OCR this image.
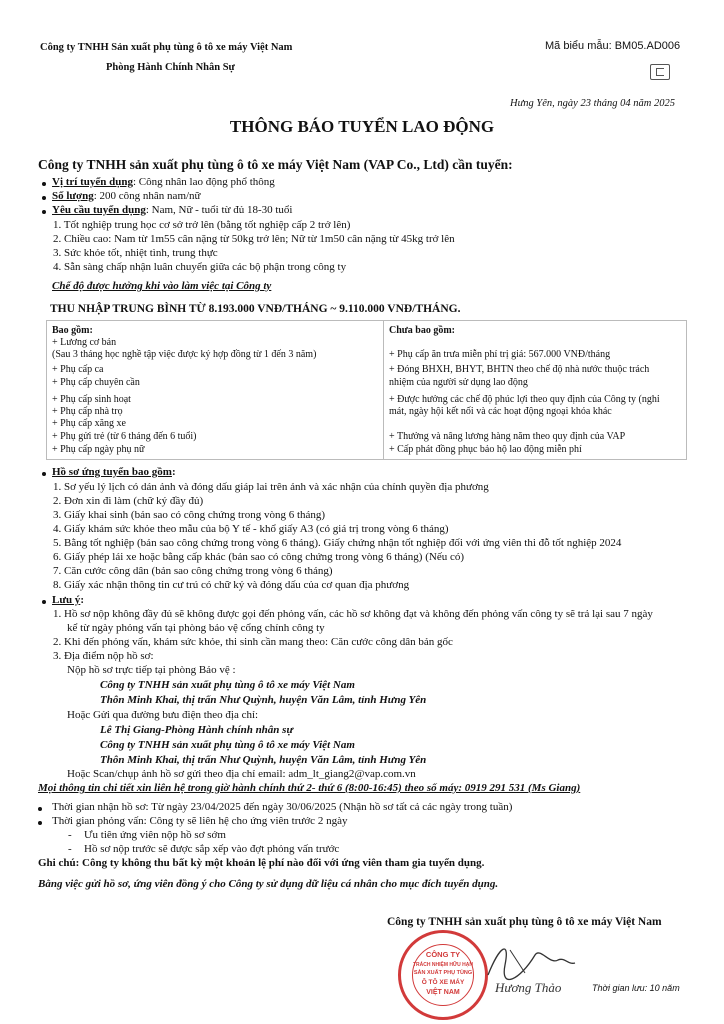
Công ty TNHH Sản xuất phụ tùng ô tô xe máy Việt Nam
Phòng Hành Chính Nhân Sự
Mã biểu mẫu: BM05.AD006
Hưng Yên, ngày 23 tháng 04 năm 2025
THÔNG BÁO TUYỂN LAO ĐỘNG
Công ty TNHH sản xuất phụ tùng ô tô xe máy Việt Nam (VAP Co., Ltd) cần tuyển:
Vị trí tuyển dụng: Công nhân lao động phổ thông
Số lượng: 200 công nhân nam/nữ
Yêu cầu tuyển dụng: Nam, Nữ - tuổi từ đủ 18-30 tuổi
1. Tốt nghiệp trung học cơ sở trở lên (bằng tốt nghiệp cấp 2 trở lên)
2. Chiều cao: Nam từ 1m55 cân nặng từ 50kg trở lên; Nữ từ 1m50 cân nặng từ 45kg trở lên
3. Sức khỏe tốt, nhiệt tình, trung thực
4. Sẵn sàng chấp nhận luân chuyển giữa các bộ phận trong công ty
Chế độ được hưởng khi vào làm việc tại Công ty
THU NHẬP TRUNG BÌNH TỪ 8.193.000 VNĐ/THÁNG ~ 9.110.000 VNĐ/THÁNG.
Bao gồm:
+ Lương cơ bản
(Sau 3 tháng học nghề tập việc được ký hợp đồng từ 1 đến 3 năm)
+ Phụ cấp ca
+ Phụ cấp chuyên cần
+ Phụ cấp sinh hoạt
+ Phụ cấp nhà trọ
+ Phụ cấp xăng xe
+ Phụ gửi trẻ (từ 6 tháng đến 6 tuổi)
+ Phụ cấp ngày phụ nữ
Chưa bao gồm:
+ Phụ cấp ăn trưa miễn phí trị giá: 567.000 VNĐ/tháng
+ Đóng BHXH, BHYT, BHTN theo chế độ nhà nước thuộc trách
nhiệm của người sử dụng lao động
+ Được hưởng các chế độ phúc lợi theo quy định của Công ty (nghỉ
mát, ngày hội kết nối và các hoạt động ngoại khóa khác
+ Thưởng và nâng lương hàng năm theo quy định của VAP
+ Cấp phát đồng phục bảo hộ lao động miễn phí
Hồ sơ ứng tuyển bao gồm:
1. Sơ yếu lý lịch có dán ảnh và đóng dấu giáp lai trên ảnh và xác nhận của chính quyền địa phương
2. Đơn xin đi làm (chữ ký đầy đủ)
3. Giấy khai sinh (bản sao có công chứng trong vòng 6 tháng)
4. Giấy khám sức khỏe theo mẫu của bộ Y tế - khổ giấy A3 (có giá trị trong vòng 6 tháng)
5. Bằng tốt nghiệp (bản sao công chứng trong vòng 6 tháng). Giấy chứng nhận tốt nghiệp đối với ứng viên thi đỗ tốt nghiệp 2024
6. Giấy phép lái xe hoặc bằng cấp khác (bản sao có công chứng trong vòng 6 tháng) (Nếu có)
7. Căn cước công dân (bản sao công chứng trong vòng 6 tháng)
8. Giấy xác nhận thông tin cư trú có chữ ký và đóng dấu của cơ quan địa phương
Lưu ý:
1. Hồ sơ nộp không đầy đủ sẽ không được gọi đến phỏng vấn, các hồ sơ không đạt và không đến phỏng vấn công ty sẽ trả lại sau 7 ngày
kể từ ngày phỏng vấn tại phòng bảo vệ cổng chính công ty
2. Khi đến phỏng vấn, khám sức khỏe, thi sinh cần mang theo: Căn cước công dân bản gốc
3. Địa điểm nộp hồ sơ:
Nộp hồ sơ trực tiếp tại phòng Bảo vệ :
Công ty TNHH sản xuất phụ tùng ô tô xe máy Việt Nam
Thôn Minh Khai, thị trấn Như Quỳnh, huyện Văn Lâm, tỉnh Hưng Yên
Hoặc Gửi qua đường bưu điện theo địa chỉ:
Lê Thị Giang-Phòng Hành chính nhân sự
Công ty TNHH sản xuất phụ tùng ô tô xe máy Việt Nam
Thôn Minh Khai, thị trấn Như Quỳnh, huyện Văn Lâm, tỉnh Hưng Yên
Hoặc Scan/chụp ảnh hồ sơ gửi theo địa chỉ email: adm_lt_giang2@vap.com.vn
Mọi thông tin chi tiết xin liên hệ trong giờ hành chính thứ 2- thứ 6 (8:00-16:45) theo số máy: 0919 291 531 (Ms Giang)
Thời gian nhận hồ sơ: Từ ngày 23/04/2025 đến ngày 30/06/2025 (Nhận hồ sơ tất cả các ngày trong tuần)
Thời gian phỏng vấn: Công ty sẽ liên hệ cho ứng viên trước 2 ngày
- Ưu tiên ứng viên nộp hồ sơ sớm
- Hồ sơ nộp trước sẽ được sắp xếp vào đợt phỏng vấn trước
Ghi chú: Công ty không thu bất kỳ một khoản lệ phí nào đối với ứng viên tham gia tuyển dụng.
Bằng việc gửi hồ sơ, ứng viên đồng ý cho Công ty sử dụng dữ liệu cá nhân cho mục đích tuyển dụng.
Công ty TNHH sản xuất phụ tùng ô tô xe máy Việt Nam
CÔNG TY
TRÁCH NHIỆM HỮU HẠN
SẢN XUẤT PHỤ TÙNG
Ô TÔ XE MÁY
VIỆT NAM	Hương Thảo	Thời gian lưu: 10 năm
